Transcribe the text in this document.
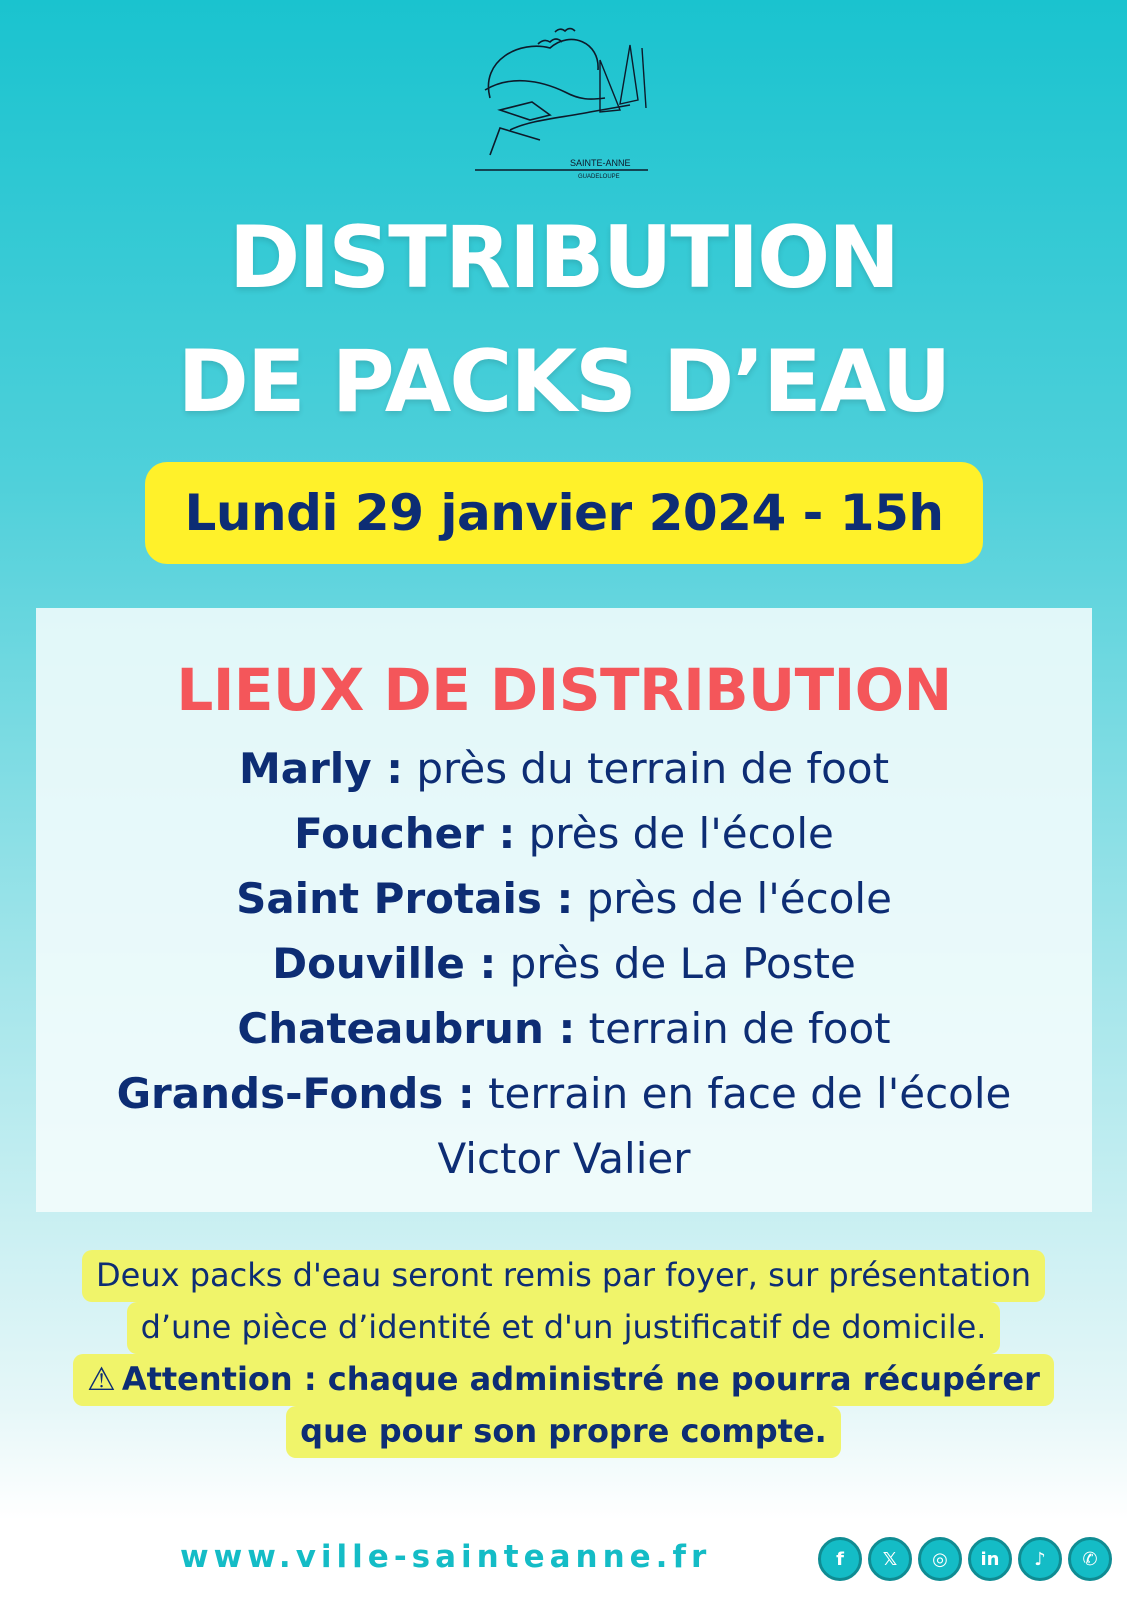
SAINTE-ANNE
GUADELOUPE
DISTRIBUTION
DE PACKS D’EAU
Lundi 29 janvier 2024 - 15h
LIEUX DE DISTRIBUTION
Marly : près du terrain de foot
Foucher : près de l'école
Saint Protais : près de l'école
Douville : près de La Poste
Chateaubrun : terrain de foot
Grands-Fonds : terrain en face de l'école
Victor Valier
Deux packs d'eau seront remis par foyer, sur présentation
d’une pièce d’identité et d'un justificatif de domicile.
⚠ Attention : chaque administré ne pourra récupérer
que pour son propre compte.
www.ville-sainteanne.fr	f	𝕏	◎	in	♪	✆
